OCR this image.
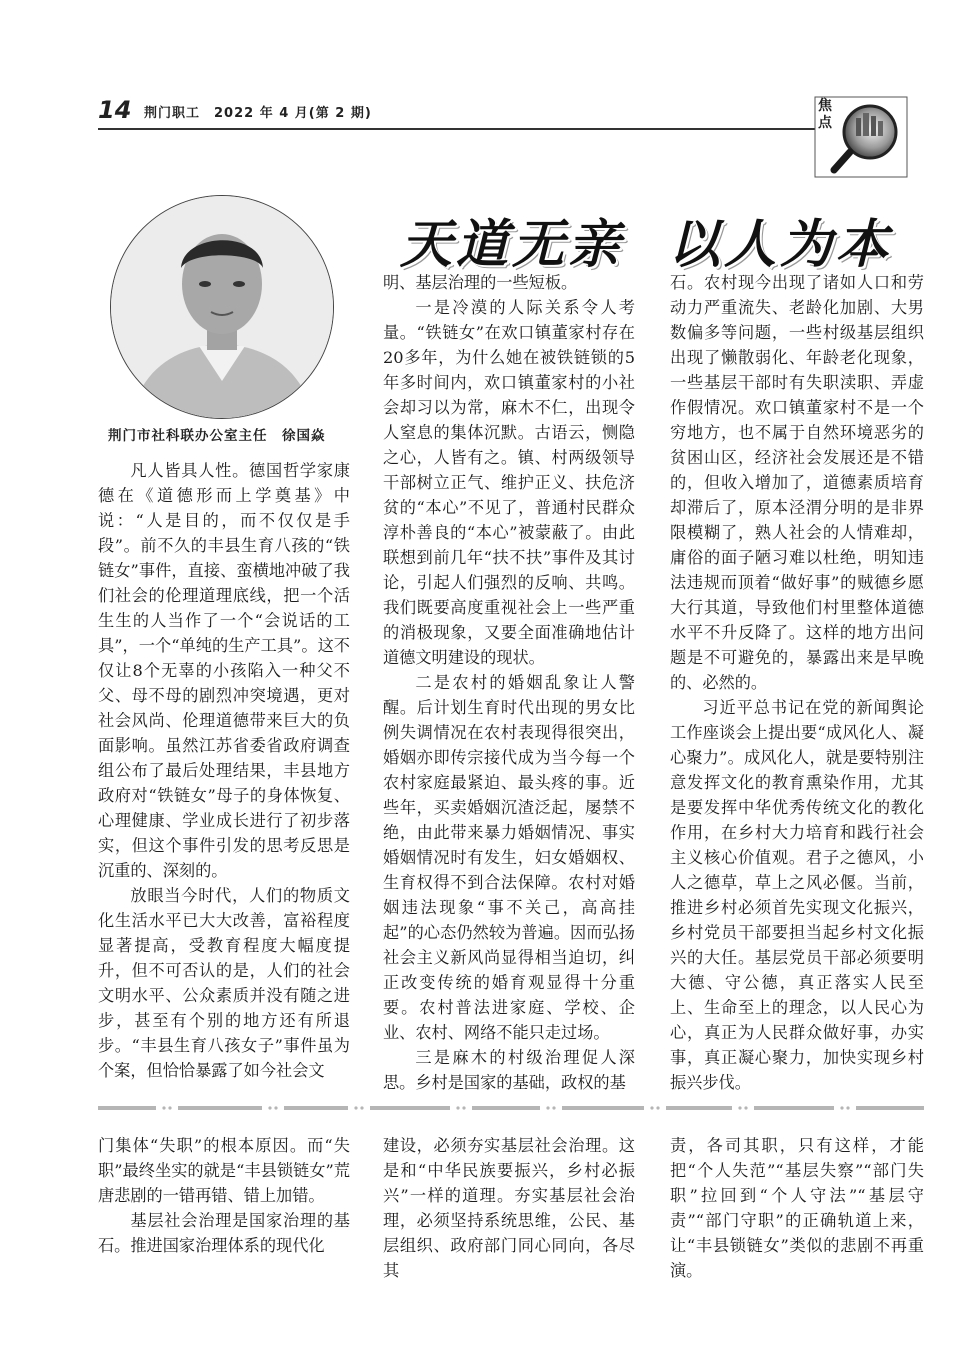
14 荆门职工　2022 年 4 月(第 2 期)	焦点
荆门市社科联办公室主任　徐国焱
天道无亲 以人为本

凡人皆具人性。德国哲学家康德在《道德形而上学奠基》中说：“人是目的，而不仅仅是手段”。前不久的丰县生育八孩的“铁链女”事件，直接、蛮横地冲破了我们社会的伦理道理底线，把一个活生生的人当作了一个“会说话的工具”，一个“单纯的生产工具”。这不仅让8个无辜的小孩陷入一种父不父、母不母的剧烈冲突境遇，更对社会风尚、伦理道德带来巨大的负面影响。虽然江苏省委省政府调查组公布了最后处理结果，丰县地方政府对“铁链女”母子的身体恢复、心理健康、学业成长进行了初步落实，但这个事件引发的思考反思是沉重的、深刻的。

放眼当今时代，人们的物质文化生活水平已大大改善，富裕程度显著提高，受教育程度大幅度提升，但不可否认的是，人们的社会文明水平、公众素质并没有随之进步，甚至有个别的地方还有所退步。“丰县生育八孩女子”事件虽为个案，但恰恰暴露了如今社会文

明、基层治理的一些短板。

一是冷漠的人际关系令人考量。“铁链女”在欢口镇董家村存在20多年，为什么她在被铁链锁的5年多时间内，欢口镇董家村的小社会却习以为常，麻木不仁，出现令人窒息的集体沉默。古语云，恻隐之心，人皆有之。镇、村两级领导干部树立正气、维护正义、扶危济贫的“本心”不见了，普通村民群众淳朴善良的“本心”被蒙蔽了。由此联想到前几年“扶不扶”事件及其讨论，引起人们强烈的反响、共鸣。我们既要高度重视社会上一些严重的消极现象，又要全面准确地估计道德文明建设的现状。

二是农村的婚姻乱象让人警醒。后计划生育时代出现的男女比例失调情况在农村表现得很突出，婚姻亦即传宗接代成为当今每一个农村家庭最紧迫、最头疼的事。近些年，买卖婚姻沉渣泛起，屡禁不绝，由此带来暴力婚姻情况、事实婚姻情况时有发生，妇女婚姻权、生育权得不到合法保障。农村对婚姻违法现象“事不关己，高高挂起”的心态仍然较为普遍。因而弘扬社会主义新风尚显得相当迫切，纠正改变传统的婚育观显得十分重要。农村普法进家庭、学校、企业、农村、网络不能只走过场。

三是麻木的村级治理促人深思。乡村是国家的基础，政权的基

石。农村现今出现了诸如人口和劳动力严重流失、老龄化加剧、大男数偏多等问题，一些村级基层组织出现了懒散弱化、年龄老化现象，一些基层干部时有失职渎职、弄虚作假情况。欢口镇董家村不是一个穷地方，也不属于自然环境恶劣的贫困山区，经济社会发展还是不错的，但收入增加了，道德素质培育却滞后了，原本泾渭分明的是非界限模糊了，熟人社会的人情难却，庸俗的面子陋习难以杜绝，明知违法违规而顶着“做好事”的贼德乡愿大行其道，导致他们村里整体道德水平不升反降了。这样的地方出问题是不可避免的，暴露出来是早晚的、必然的。

习近平总书记在党的新闻舆论工作座谈会上提出要“成风化人、凝心聚力”。成风化人，就是要特别注意发挥文化的教育熏染作用，尤其是要发挥中华优秀传统文化的教化作用，在乡村大力培育和践行社会主义核心价值观。君子之德风，小人之德草，草上之风必偃。当前，推进乡村必须首先实现文化振兴，乡村党员干部要担当起乡村文化振兴的大任。基层党员干部必须要明大德、守公德，真正落实人民至上、生命至上的理念，以人民心为心，真正为人民群众做好事，办实事，真正凝心聚力，加快实现乡村振兴步伐。

门集体“失职”的根本原因。而“失职”最终坐实的就是“丰县锁链女”荒唐悲剧的一错再错、错上加错。

基层社会治理是国家治理的基石。推进国家治理体系的现代化

建设，必须夯实基层社会治理。这是和“中华民族要振兴，乡村必振兴”一样的道理。夯实基层社会治理，必须坚持系统思维，公民、基层组织、政府部门同心同向，各尽其

责，各司其职，只有这样，才能把“个人失范”“基层失察”“部门失职”拉回到“个人守法”“基层守责”“部门守职”的正确轨道上来，让“丰县锁链女”类似的悲剧不再重演。
